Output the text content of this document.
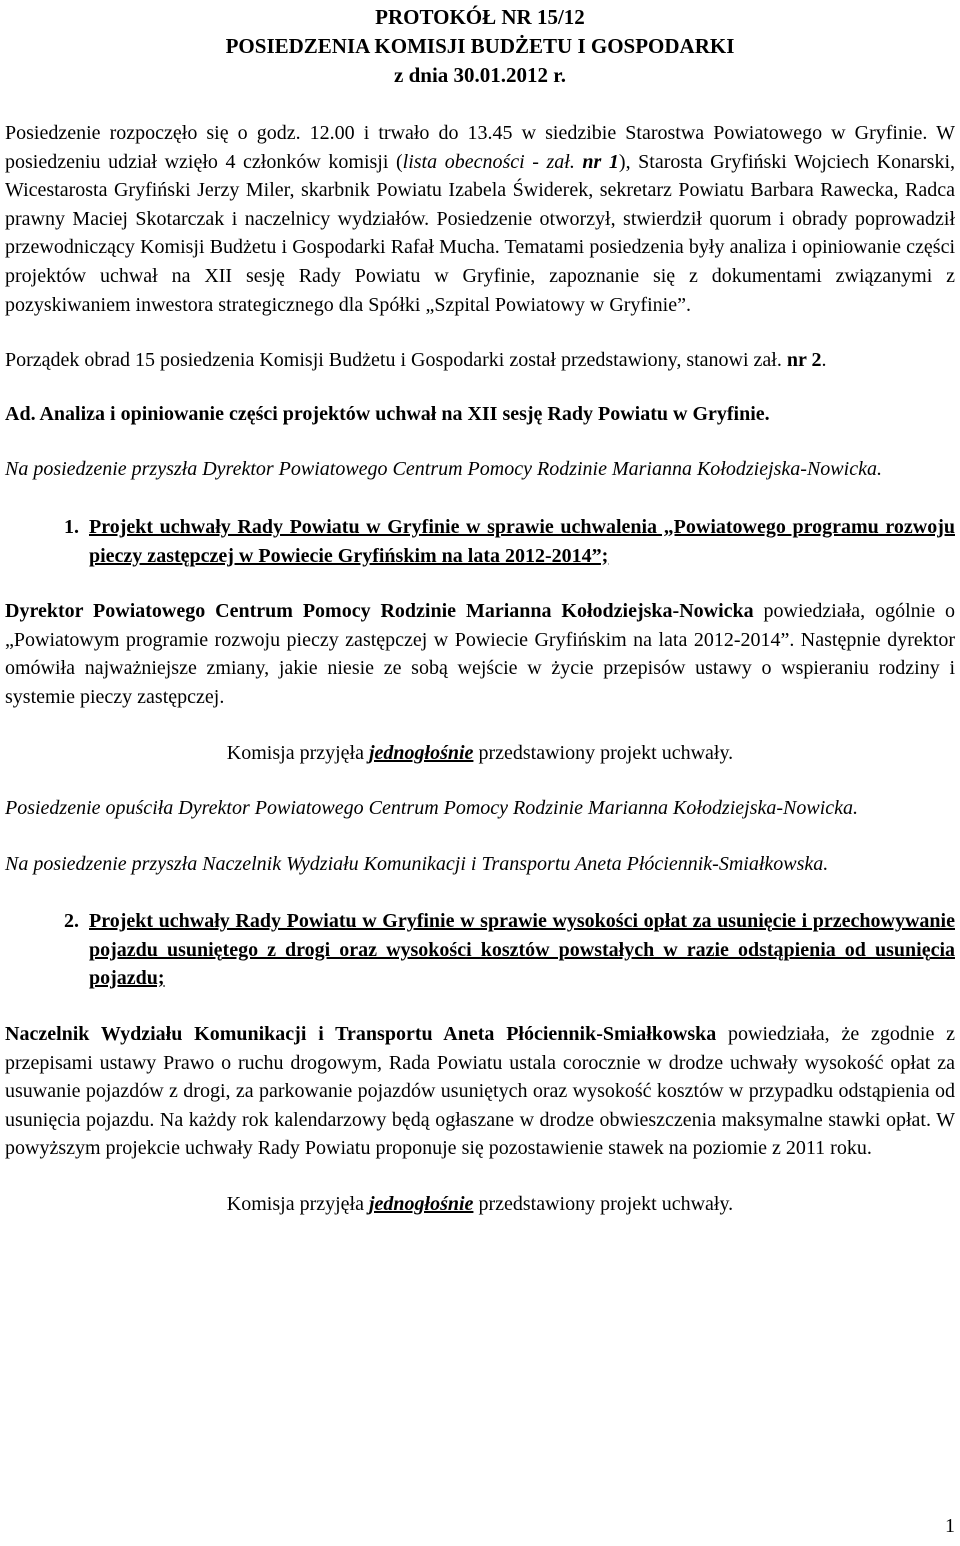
PROTOKÓŁ NR 15/12
POSIEDZENIA KOMISJI BUDŻETU I GOSPODARKI
z dnia 30.01.2012 r.

Posiedzenie rozpoczęło się o godz. 12.00 i trwało do 13.45 w siedzibie Starostwa Powiatowego w Gryfinie. W posiedzeniu udział wzięło 4 członków komisji (lista obecności - zał. nr 1), Starosta Gryfiński Wojciech Konarski, Wicestarosta Gryfiński Jerzy Miler, skarbnik Powiatu Izabela Świderek, sekretarz Powiatu Barbara Rawecka, Radca prawny Maciej Skotarczak i naczelnicy wydziałów. Posiedzenie otworzył, stwierdził quorum i obrady poprowadził przewodniczący Komisji Budżetu i Gospodarki Rafał Mucha. Tematami posiedzenia były analiza i opiniowanie części projektów uchwał na XII sesję Rady Powiatu w Gryfinie, zapoznanie się z dokumentami związanymi z pozyskiwaniem inwestora strategicznego dla Spółki „Szpital Powiatowy w Gryfinie”.

Porządek obrad 15 posiedzenia Komisji Budżetu i Gospodarki został przedstawiony, stanowi zał. nr 2.

Ad. Analiza i opiniowanie części projektów uchwał na XII sesję Rady Powiatu w Gryfinie.

Na posiedzenie przyszła Dyrektor Powiatowego Centrum Pomocy Rodzinie Marianna Kołodziejska-Nowicka.

1. Projekt uchwały Rady Powiatu w Gryfinie w sprawie uchwalenia „Powiatowego programu rozwoju pieczy zastępczej w Powiecie Gryfińskim na lata 2012-2014”;

Dyrektor Powiatowego Centrum Pomocy Rodzinie Marianna Kołodziejska-Nowicka powiedziała, ogólnie o „Powiatowym programie rozwoju pieczy zastępczej w Powiecie Gryfińskim na lata 2012-2014”. Następnie dyrektor omówiła najważniejsze zmiany, jakie niesie ze sobą wejście w życie przepisów ustawy o wspieraniu rodziny i systemie pieczy zastępczej.

Komisja przyjęła jednogłośnie przedstawiony projekt uchwały.

Posiedzenie opuściła Dyrektor Powiatowego Centrum Pomocy Rodzinie Marianna Kołodziejska-Nowicka.

Na posiedzenie przyszła Naczelnik Wydziału Komunikacji i Transportu Aneta Płóciennik-Smiałkowska.

2. Projekt uchwały Rady Powiatu w Gryfinie w sprawie wysokości opłat za usunięcie i przechowywanie pojazdu usuniętego z drogi oraz wysokości kosztów powstałych w razie odstąpienia od usunięcia pojazdu;

Naczelnik Wydziału Komunikacji i Transportu Aneta Płóciennik-Smiałkowska powiedziała, że zgodnie z przepisami ustawy Prawo o ruchu drogowym, Rada Powiatu ustala corocznie w drodze uchwały wysokość opłat za usuwanie pojazdów z drogi, za parkowanie pojazdów usuniętych oraz wysokość kosztów w przypadku odstąpienia od usunięcia pojazdu. Na każdy rok kalendarzowy będą ogłaszane w drodze obwieszczenia maksymalne stawki opłat. W powyższym projekcie uchwały Rady Powiatu proponuje się pozostawienie stawek na poziomie z 2011 roku.

Komisja przyjęła jednogłośnie przedstawiony projekt uchwały.

1
